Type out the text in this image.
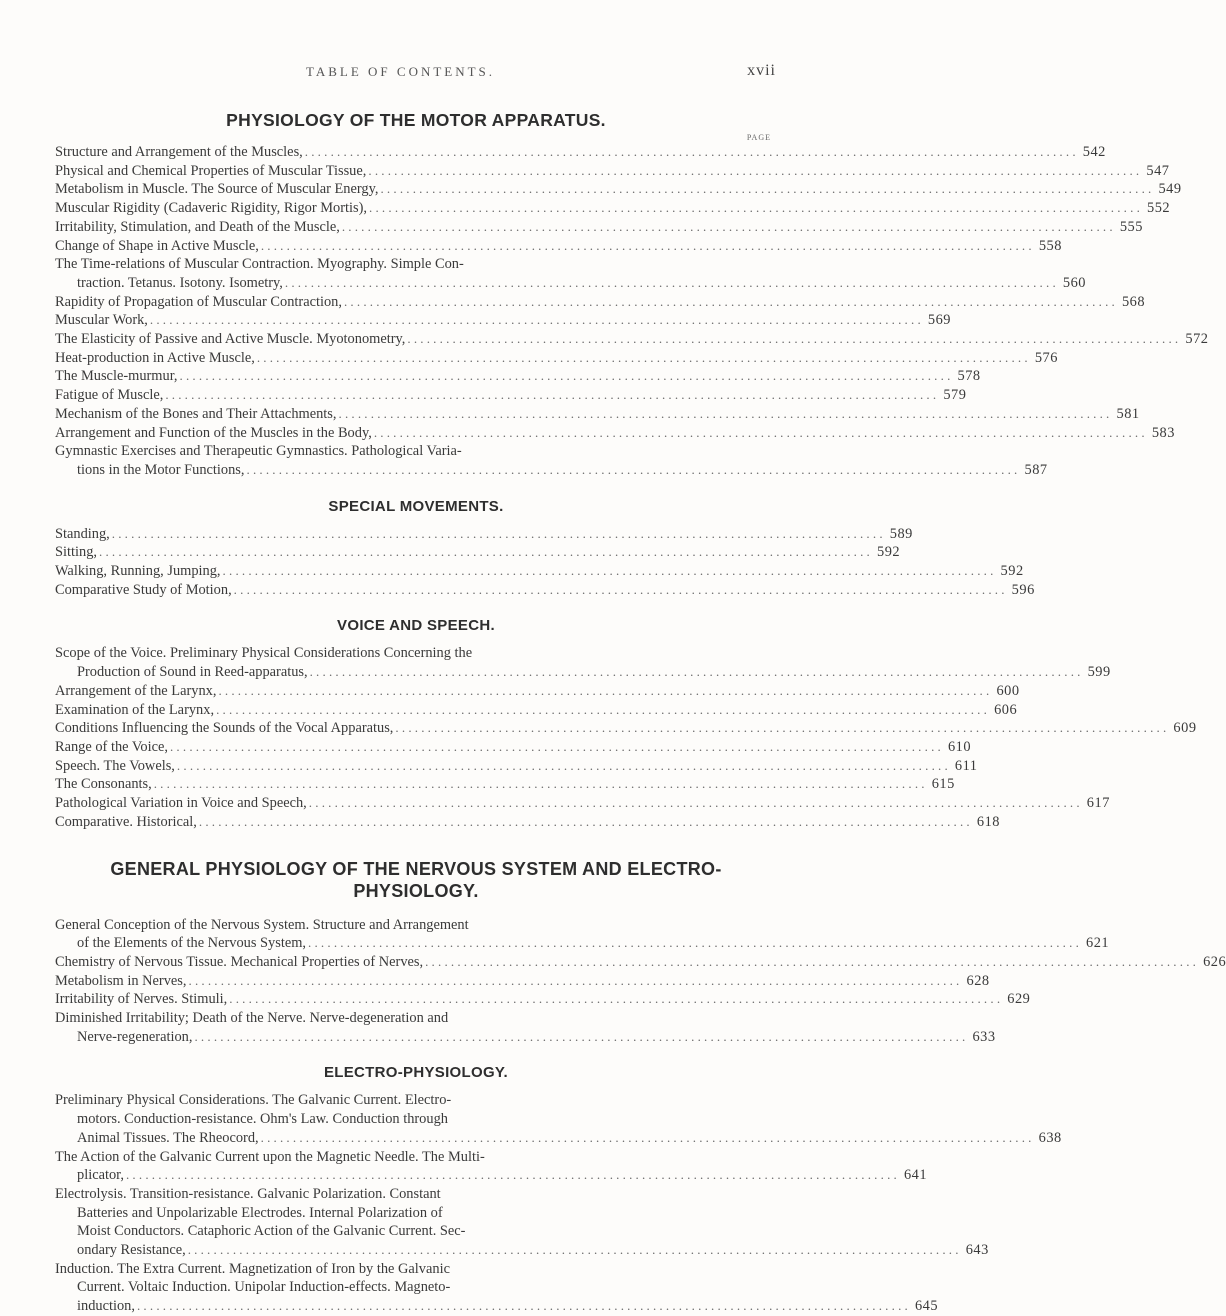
TABLE OF CONTENTS.	xvii
PHYSIOLOGY OF THE MOTOR APPARATUS.
PAGE
Structure and Arrangement of the Muscles, ........................................................................................................................ 542
Physical and Chemical Properties of Muscular Tissue, ........................................................................................................................ 547
Metabolism in Muscle. The Source of Muscular Energy, ........................................................................................................................ 549
Muscular Rigidity (Cadaveric Rigidity, Rigor Mortis), ........................................................................................................................ 552
Irritability, Stimulation, and Death of the Muscle, ........................................................................................................................ 555
Change of Shape in Active Muscle, ........................................................................................................................ 558
The Time-relations of Muscular Contraction. Myography. Simple Con-
traction. Tetanus. Isotony. Isometry, ........................................................................................................................ 560
Rapidity of Propagation of Muscular Contraction, ........................................................................................................................ 568
Muscular Work, ........................................................................................................................ 569
The Elasticity of Passive and Active Muscle. Myotonometry, ........................................................................................................................ 572
Heat-production in Active Muscle, ........................................................................................................................ 576
The Muscle-murmur, ........................................................................................................................ 578
Fatigue of Muscle, ........................................................................................................................ 579
Mechanism of the Bones and Their Attachments, ........................................................................................................................ 581
Arrangement and Function of the Muscles in the Body, ........................................................................................................................ 583
Gymnastic Exercises and Therapeutic Gymnastics. Pathological Varia-
tions in the Motor Functions, ........................................................................................................................ 587
SPECIAL MOVEMENTS.
Standing, ........................................................................................................................ 589
Sitting, ........................................................................................................................ 592
Walking, Running, Jumping, ........................................................................................................................ 592
Comparative Study of Motion, ........................................................................................................................ 596
VOICE AND SPEECH.
Scope of the Voice. Preliminary Physical Considerations Concerning the
Production of Sound in Reed-apparatus, ........................................................................................................................ 599
Arrangement of the Larynx, ........................................................................................................................ 600
Examination of the Larynx, ........................................................................................................................ 606
Conditions Influencing the Sounds of the Vocal Apparatus, ........................................................................................................................ 609
Range of the Voice, ........................................................................................................................ 610
Speech. The Vowels, ........................................................................................................................ 611
The Consonants, ........................................................................................................................ 615
Pathological Variation in Voice and Speech, ........................................................................................................................ 617
Comparative. Historical, ........................................................................................................................ 618
GENERAL PHYSIOLOGY OF THE NERVOUS SYSTEM AND ELECTRO-PHYSIOLOGY.
General Conception of the Nervous System. Structure and Arrangement
of the Elements of the Nervous System, ........................................................................................................................ 621
Chemistry of Nervous Tissue. Mechanical Properties of Nerves, ........................................................................................................................ 626
Metabolism in Nerves, ........................................................................................................................ 628
Irritability of Nerves. Stimuli, ........................................................................................................................ 629
Diminished Irritability; Death of the Nerve. Nerve-degeneration and
Nerve-regeneration, ........................................................................................................................ 633
ELECTRO-PHYSIOLOGY.
Preliminary Physical Considerations. The Galvanic Current. Electro-
motors. Conduction-resistance. Ohm's Law. Conduction through
Animal Tissues. The Rheocord, ........................................................................................................................ 638
The Action of the Galvanic Current upon the Magnetic Needle. The Multi-
plicator, ........................................................................................................................ 641
Electrolysis. Transition-resistance. Galvanic Polarization. Constant
Batteries and Unpolarizable Electrodes. Internal Polarization of
Moist Conductors. Cataphoric Action of the Galvanic Current. Sec-
ondary Resistance, ........................................................................................................................ 643
Induction. The Extra Current. Magnetization of Iron by the Galvanic
Current. Voltaic Induction. Unipolar Induction-effects. Magneto-
induction, ........................................................................................................................ 645
